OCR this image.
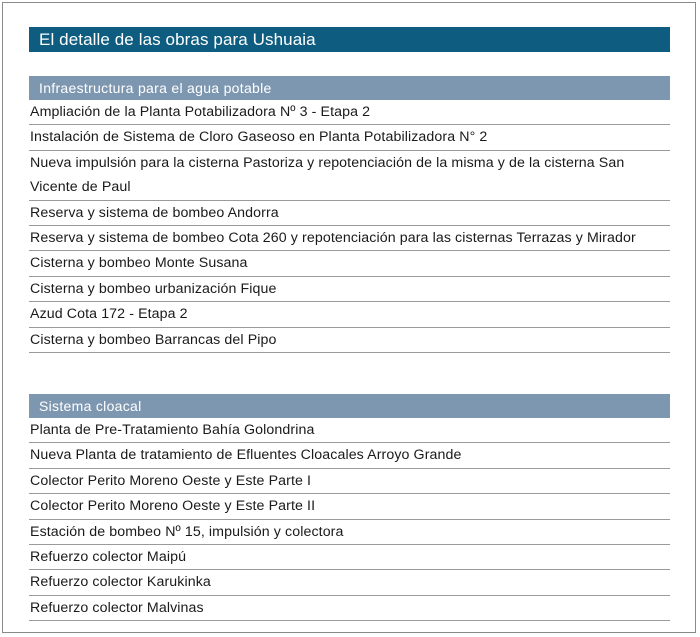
El detalle de las obras para Ushuaia
Infraestructura para el agua potable
Ampliación de la Planta Potabilizadora Nº 3 - Etapa 2
Instalación de Sistema de Cloro Gaseoso en Planta Potabilizadora N° 2
Nueva impulsión para la cisterna Pastoriza y repotenciación de la misma y de la cisterna San Vicente de Paul
Reserva y sistema de bombeo Andorra
Reserva y sistema de bombeo Cota 260 y repotenciación para las cisternas Terrazas y Mirador
Cisterna y bombeo Monte Susana
Cisterna y bombeo urbanización Fique
Azud Cota 172 - Etapa 2
Cisterna y bombeo Barrancas del Pipo
Sistema cloacal
Planta de Pre-Tratamiento Bahía Golondrina
Nueva Planta de tratamiento de Efluentes Cloacales Arroyo Grande
Colector Perito Moreno Oeste y Este Parte I
Colector Perito Moreno Oeste y Este Parte II
Estación de bombeo Nº 15, impulsión y colectora
Refuerzo colector Maipú
Refuerzo colector Karukinka
Refuerzo colector Malvinas
